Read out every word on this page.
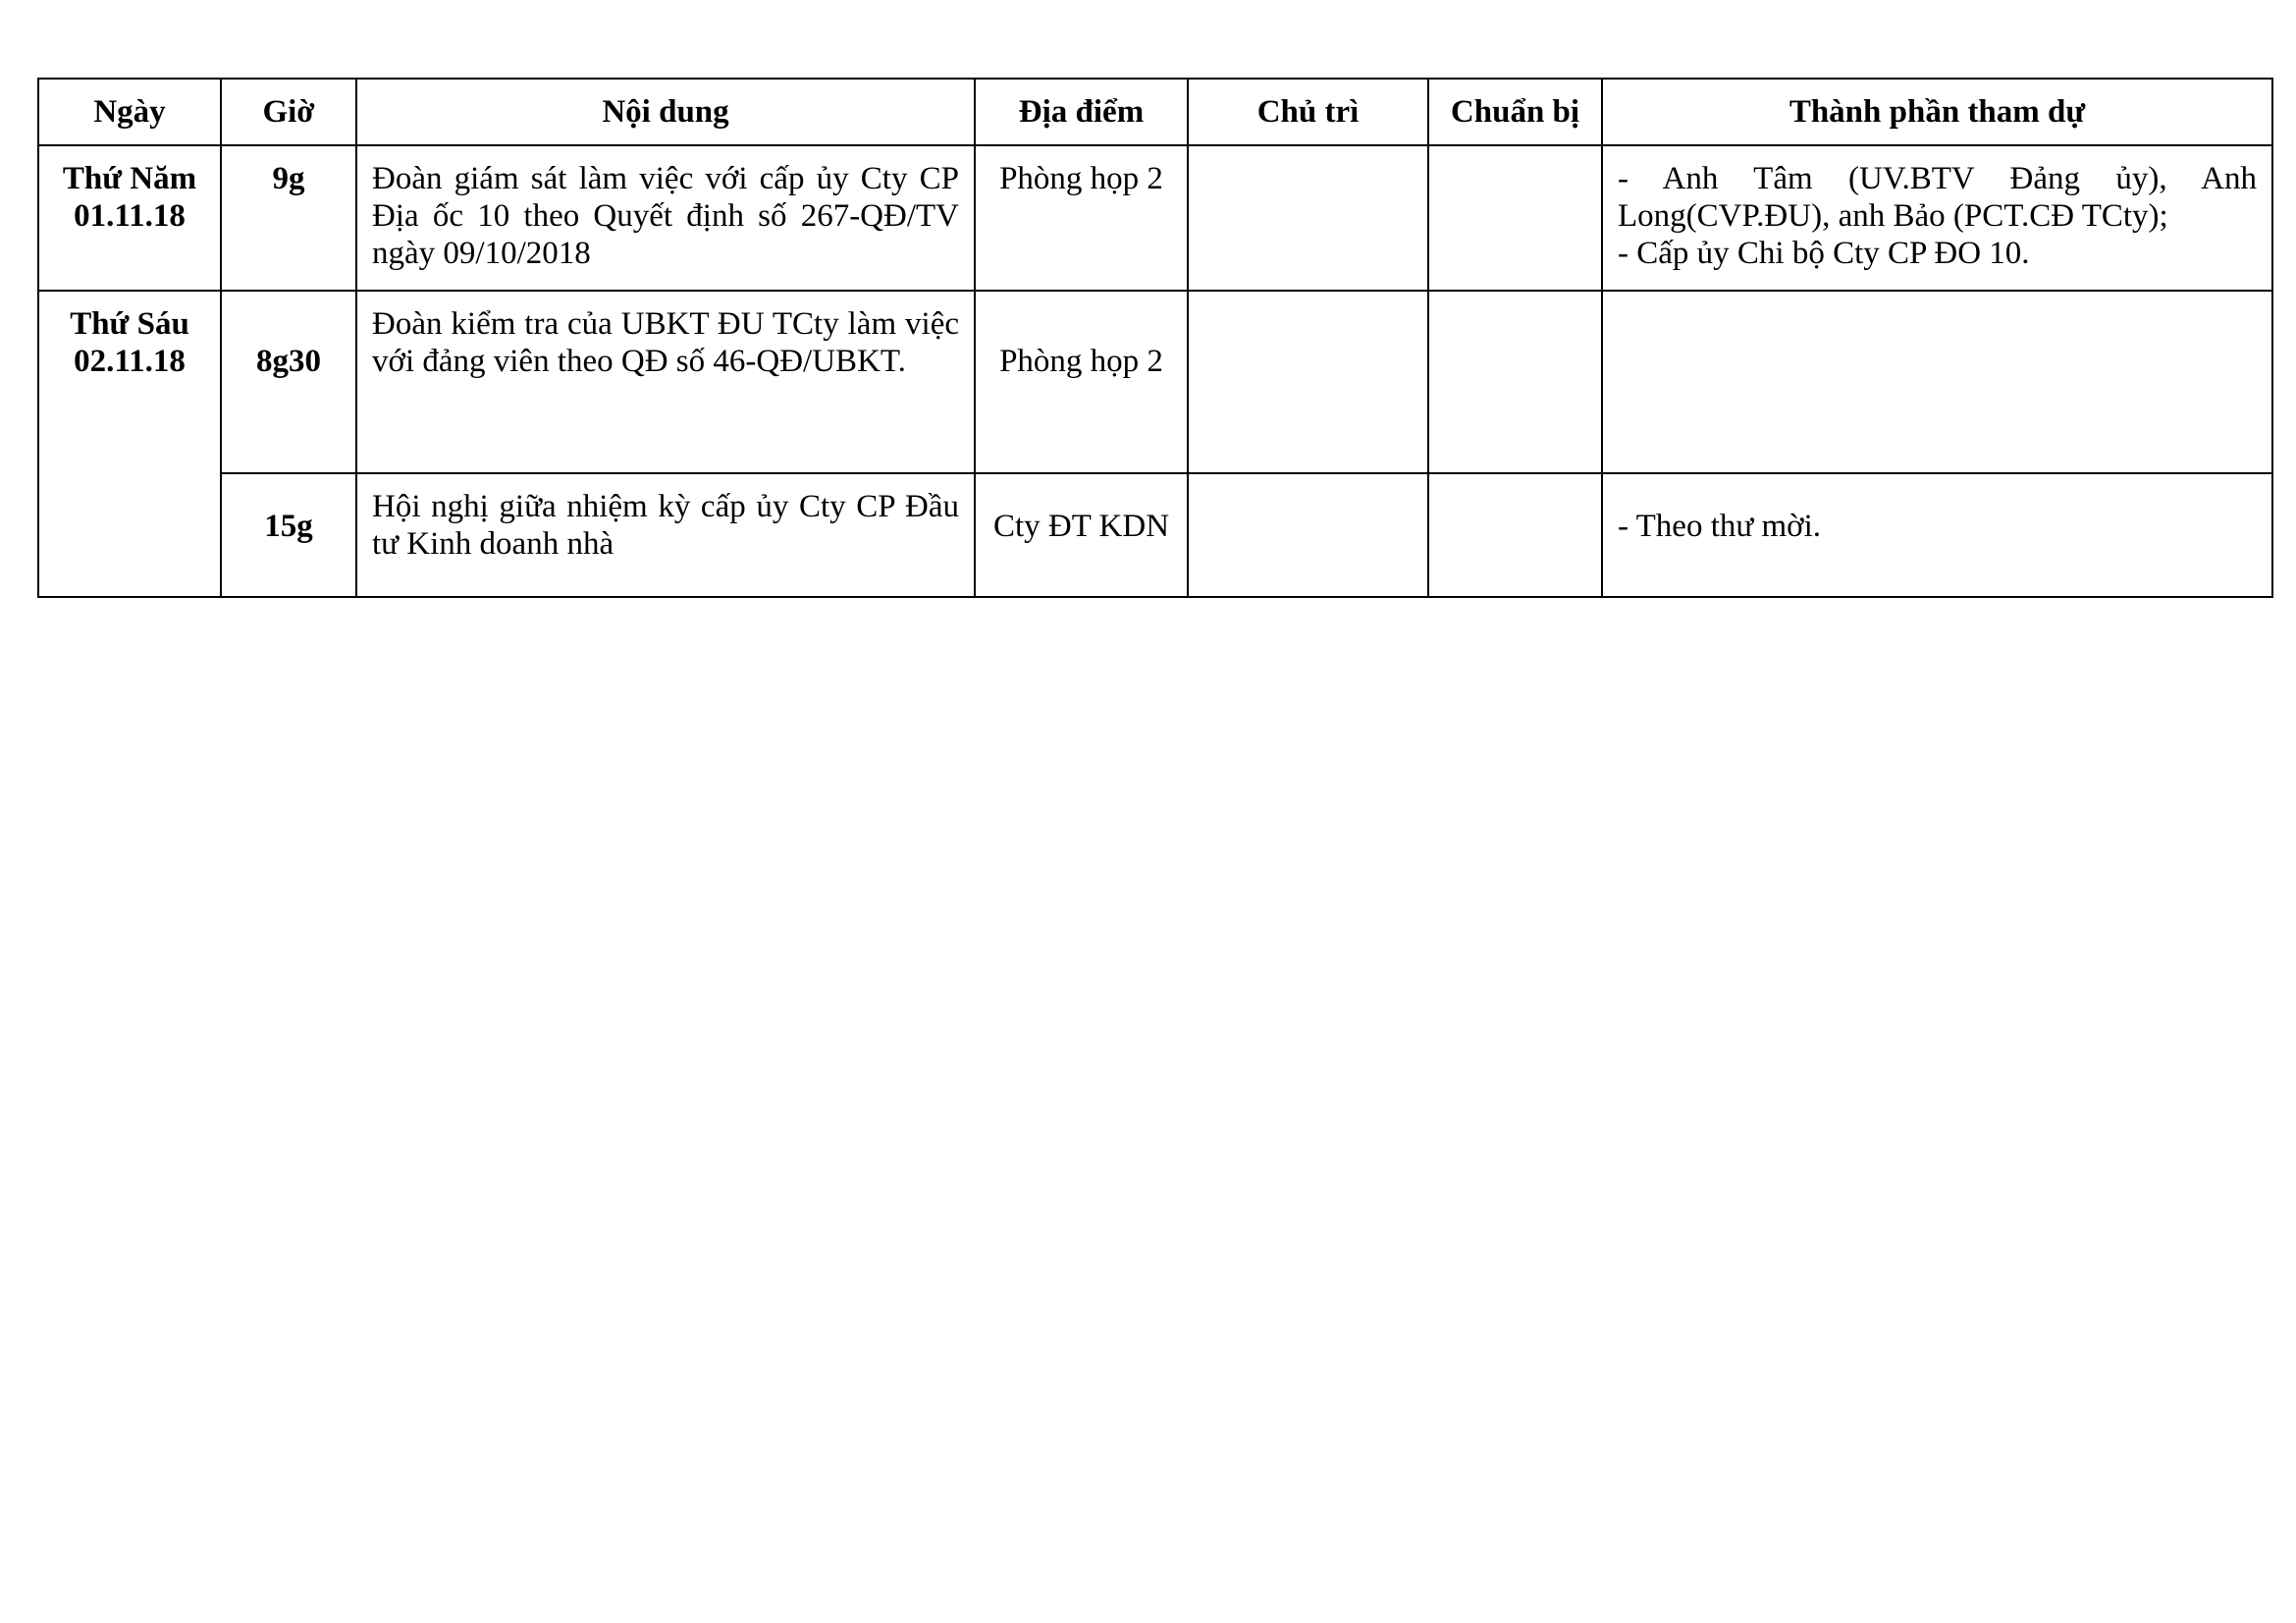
Ngày	Giờ	Nội dung	Địa điểm	Chủ trì	Chuẩn bị	Thành phần tham dự

Thứ Năm
01.11.18	9g	Đoàn giám sát làm việc với cấp ủy Cty CP Địa ốc 10 theo Quyết định số 267-QĐ/TV ngày 09/10/2018	Phòng họp 2			- Anh Tâm (UV.BTV Đảng ủy), Anh Long(CVP.ĐU), anh Bảo (PCT.CĐ TCty);
- Cấp ủy Chi bộ Cty CP ĐO 10.

Thứ Sáu
02.11.18	8g30	Đoàn kiểm tra của UBKT ĐU TCty làm việc với đảng viên theo QĐ số 46-QĐ/UBKT.	Phòng họp 2			
	15g	Hội nghị giữa nhiệm kỳ cấp ủy Cty CP Đầu tư Kinh doanh nhà	Cty ĐT KDN			- Theo thư mời.
